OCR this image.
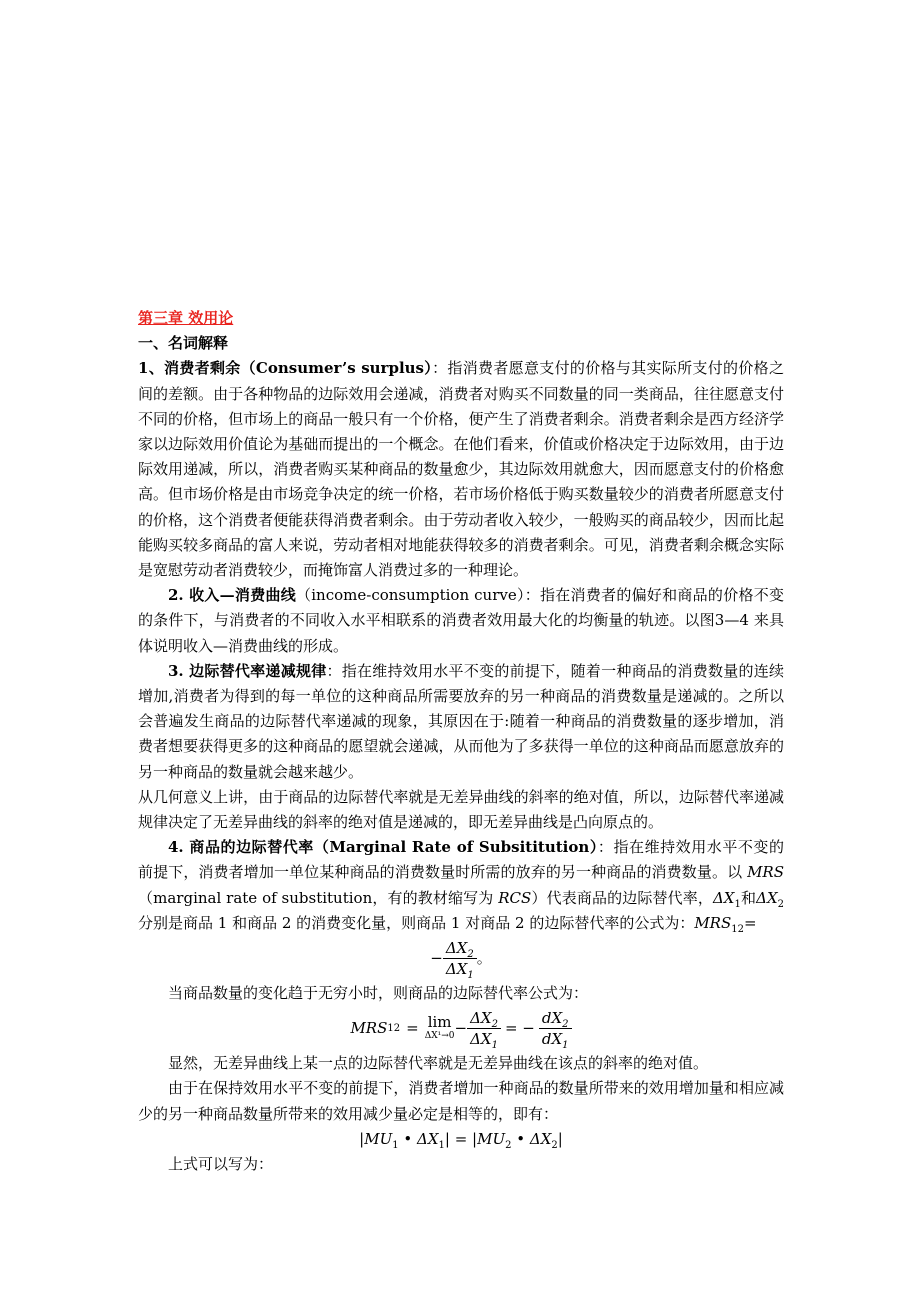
第三章 效用论

一、名词解释

1、消费者剩余（Consumer’s surplus）：指消费者愿意支付的价格与其实际所支付的价格之间的差额。由于各种物品的边际效用会递减，消费者对购买不同数量的同一类商品，往往愿意支付不同的价格，但市场上的商品一般只有一个价格，便产生了消费者剩余。消费者剩余是西方经济学家以边际效用价值论为基础而提出的一个概念。在他们看来，价值或价格决定于边际效用，由于边际效用递减，所以，消费者购买某种商品的数量愈少，其边际效用就愈大，因而愿意支付的价格愈高。但市场价格是由市场竞争决定的统一价格，若市场价格低于购买数量较少的消费者所愿意支付的价格，这个消费者便能获得消费者剩余。由于劳动者收入较少，一般购买的商品较少，因而比起能购买较多商品的富人来说，劳动者相对地能获得较多的消费者剩余。可见，消费者剩余概念实际是宽慰劳动者消费较少，而掩饰富人消费过多的一种理论。

2. 收入—消费曲线（income-consumption curve）：指在消费者的偏好和商品的价格不变的条件下，与消费者的不同收入水平相联系的消费者效用最大化的均衡量的轨迹。以图3—4 来具体说明收入—消费曲线的形成。

3. 边际替代率递减规律：指在维持效用水平不变的前提下，随着一种商品的消费数量的连续增加,消费者为得到的每一单位的这种商品所需要放弃的另一种商品的消费数量是递减的。之所以会普遍发生商品的边际替代率递减的现象，其原因在于:随着一种商品的消费数量的逐步增加，消费者想要获得更多的这种商品的愿望就会递减，从而他为了多获得一单位的这种商品而愿意放弃的另一种商品的数量就会越来越少。

从几何意义上讲，由于商品的边际替代率就是无差异曲线的斜率的绝对值，所以，边际替代率递减规律决定了无差异曲线的斜率的绝对值是递减的，即无差异曲线是凸向原点的。

4. 商品的边际替代率（Marginal Rate of Subsititution）：指在维持效用水平不变的前提下，消费者增加一单位某种商品的消费数量时所需的放弃的另一种商品的消费数量。以 MRS（marginal rate of substitution，有的教材缩写为 RCS）代表商品的边际替代率，$\Delta X_1$和$\Delta X_2$分别是商品 1 和商品 2 的消费变化量，则商品 1 对商品 2 的边际替代率的公式为：$MRS_{12}=$

− $\frac{\Delta X_2}{\Delta X_1}$ 。

当商品数量的变化趋于无穷小时，则商品的边际替代率公式为：

MRS 12 = lim
$\Delta X^1\to 0 - \frac{\Delta X_2}{\Delta X_1}$ = − $\frac{dX_2}{dX_1}$

显然，无差异曲线上某一点的边际替代率就是无差异曲线在该点的斜率的绝对值。

由于在保持效用水平不变的前提下，消费者增加一种商品的数量所带来的效用增加量和相应减少的另一种商品数量所带来的效用减少量必定是相等的，即有：

$|MU_1$ • $\Delta X_1| = |MU_2$ • $\Delta X_2|$

上式可以写为：
